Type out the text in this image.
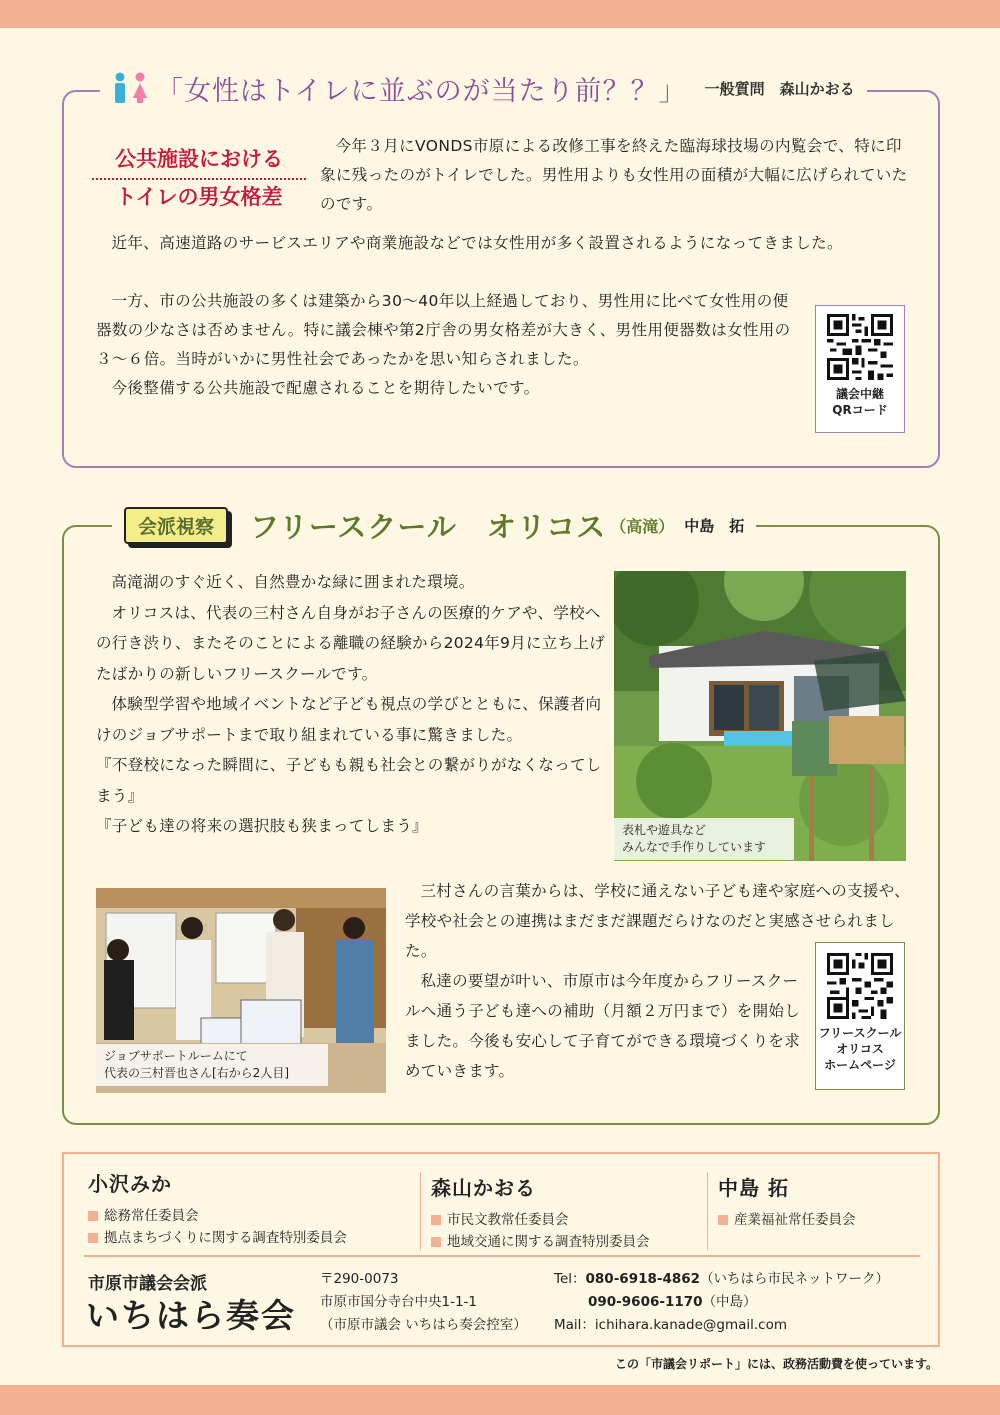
「女性はトイレに並ぶのが当たり前？？」 一般質問　森山かおる
公共施設における
トイレの男女格差

今年３月にVONDS市原による改修工事を終えた臨海球技場の内覧会で、特に印象に残ったのがトイレでした。男性用よりも女性用の面積が大幅に広げられていたのです。

近年、高速道路のサービスエリアや商業施設などでは女性用が多く設置されるようになってきました。

一方、市の公共施設の多くは建築から30～40年以上経過しており、男性用に比べて女性用の便器数の少なさは否めません。特に議会棟や第2庁舎の男女格差が大きく、男性用便器数は女性用の３～６倍。当時がいかに男性社会であったかを思い知らされました。

今後整備する公共施設で配慮されることを期待したいです。	議会中継
QRコード
会派視察	フリースクール　オリコス （高滝） 中島　拓

高滝湖のすぐ近く、自然豊かな緑に囲まれた環境。

オリコスは、代表の三村さん自身がお子さんの医療的ケアや、学校への行き渋り、またそのことによる離職の経験から2024年9月に立ち上げたばかりの新しいフリースクールです。

体験型学習や地域イベントなど子ども視点の学びとともに、保護者向けのジョブサポートまで取り組まれている事に驚きました。

『不登校になった瞬間に、子どもも親も社会との繋がりがなくなってしまう』

『子ども達の将来の選択肢も狭まってしまう』	表札や遊具など
みんなで手作りしています
ジョブサポートルームにて
代表の三村晋也さん[右から2人目]

三村さんの言葉からは、学校に通えない子ども達や家庭への支援や、学校や社会との連携はまだまだ課題だらけなのだと実感させられました。

私達の要望が叶い、市原市は今年度からフリースクールへ通う子ども達への補助（月額２万円まで）を開始しました。今後も安心して子育てができる環境づくりを求めていきます。

フリースクール
オリコス
ホームページ
小沢みか
総務常任委員会
拠点まちづくりに関する調査特別委員会
森山かおる
市民文教常任委員会
地域交通に関する調査特別委員会
中島 拓
産業福祉常任委員会
市原市議会会派
いちはら奏会
〒290-0073
市原市国分寺台中央1-1-1
（市原市議会 いちはら奏会控室）
Tel：080-6918-4862（いちはら市民ネットワーク）
090-9606-1170（中島）
Mail：ichihara.kanade@gmail.com
この「市議会リポート」には、政務活動費を使っています。
